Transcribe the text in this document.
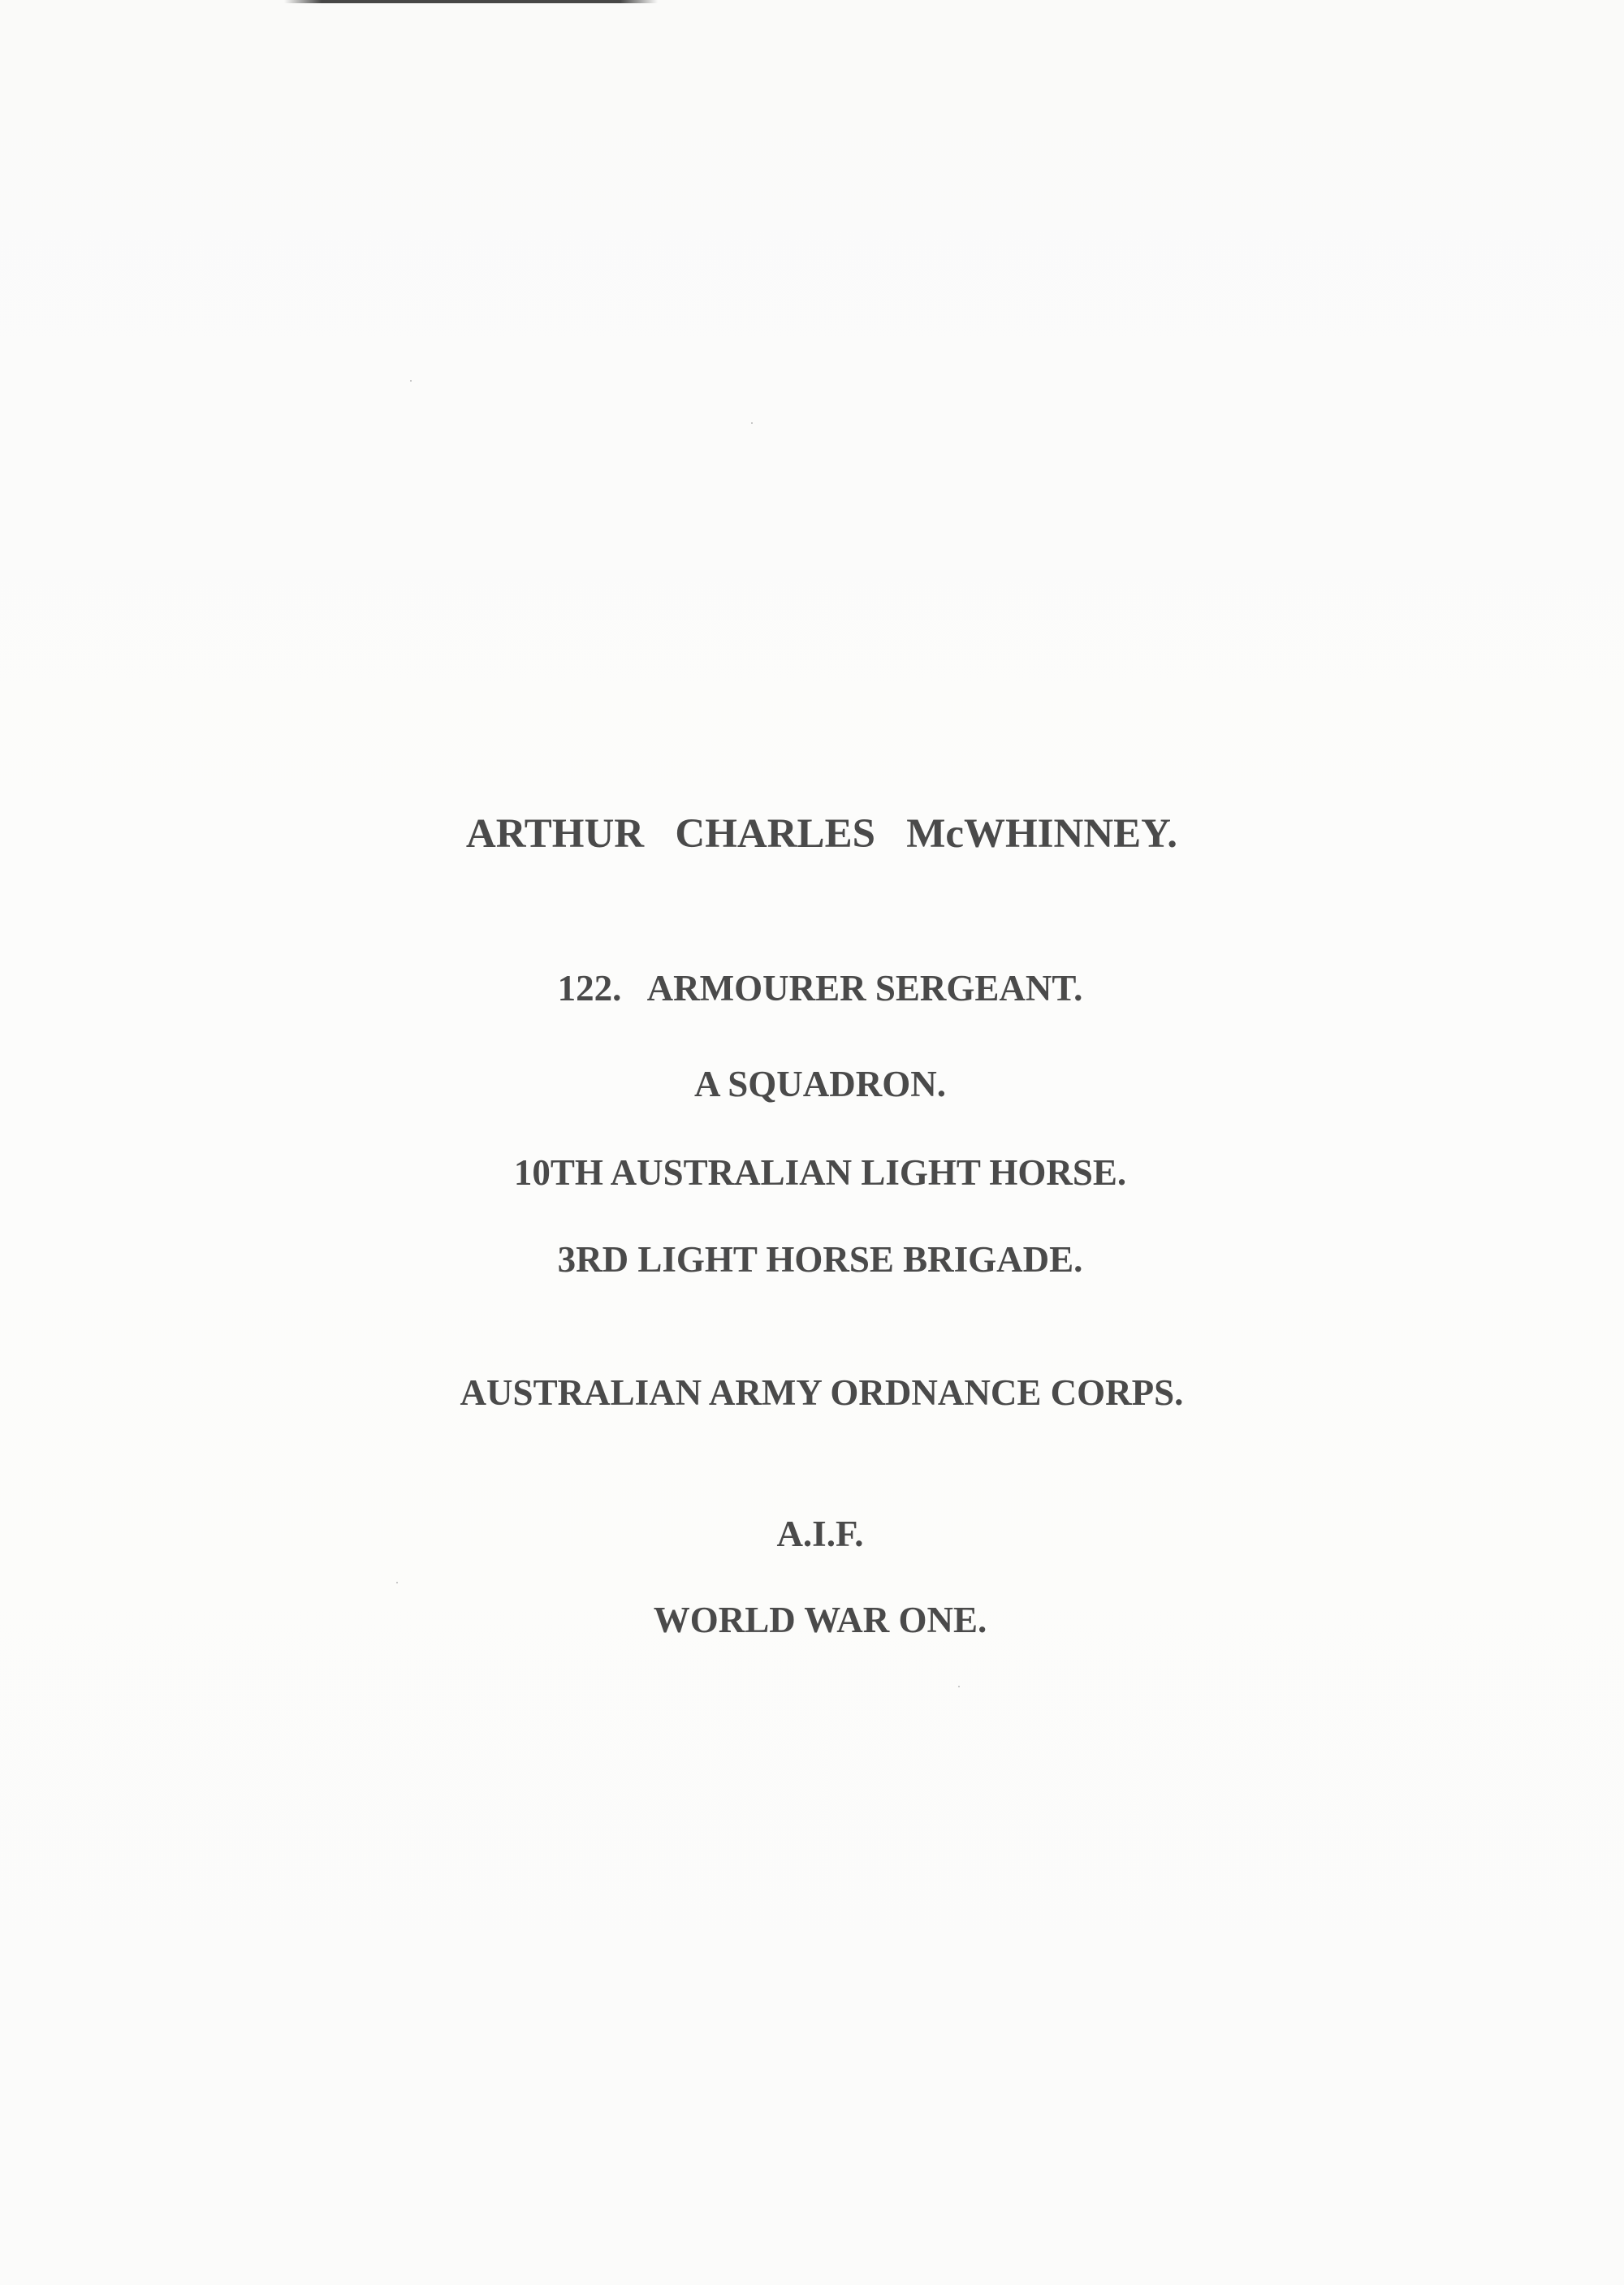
ARTHUR   CHARLES   McWHINNEY.

122.   ARMOURER SERGEANT.

A SQUADRON.

10TH AUSTRALIAN LIGHT HORSE.

3RD LIGHT HORSE BRIGADE.

AUSTRALIAN ARMY ORDNANCE CORPS.

A.I.F.

WORLD WAR ONE.
